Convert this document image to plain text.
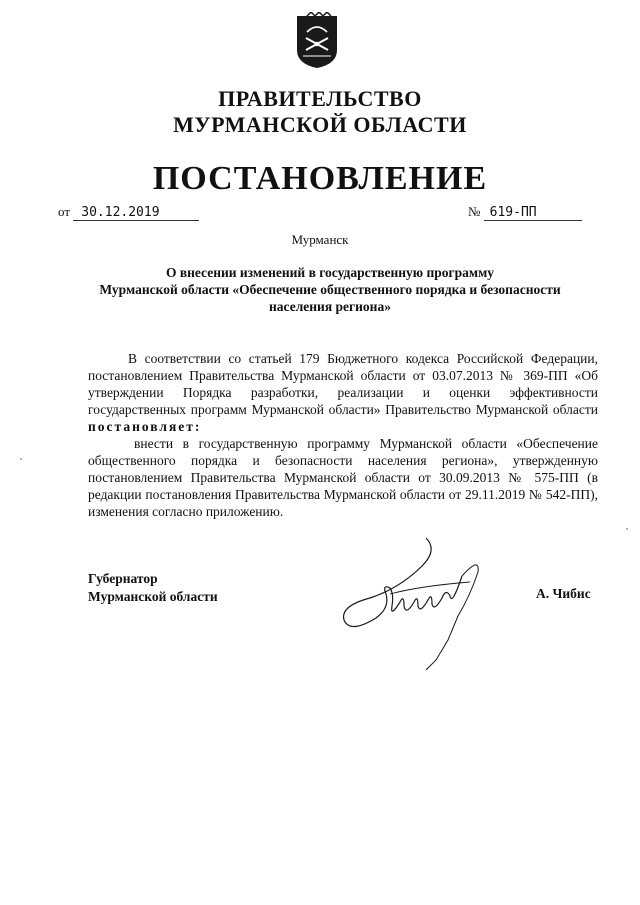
ПРАВИТЕЛЬСТВО
МУРМАНСКОЙ ОБЛАСТИ
ПОСТАНОВЛЕНИЕ
от 30.12.2019	№ 619-ПП
Мурманск
О внесении изменений в государственную программу
Мурманской области «Обеспечение общественного порядка и безопасности
населения региона»

В соответствии со статьей 179 Бюджетного кодекса Российской Федерации, постановлением Правительства Мурманской области от 03.07.2013 № 369-ПП «Об утверждении Порядка разработки, реализации и оценки эффективности государственных программ Мурманской области» Правительство Мурманской области постановляет:

внести в государственную программу Мурманской области «Обеспечение общественного порядка и безопасности населения региона», утвержденную постановлением Правительства Мурманской области от 30.09.2013 № 575-ПП (в редакции постановления Правительства Мурманской области от 29.11.2019 № 542-ПП), изменения согласно приложению.

Губернатор
Мурманской области	А. Чибис
